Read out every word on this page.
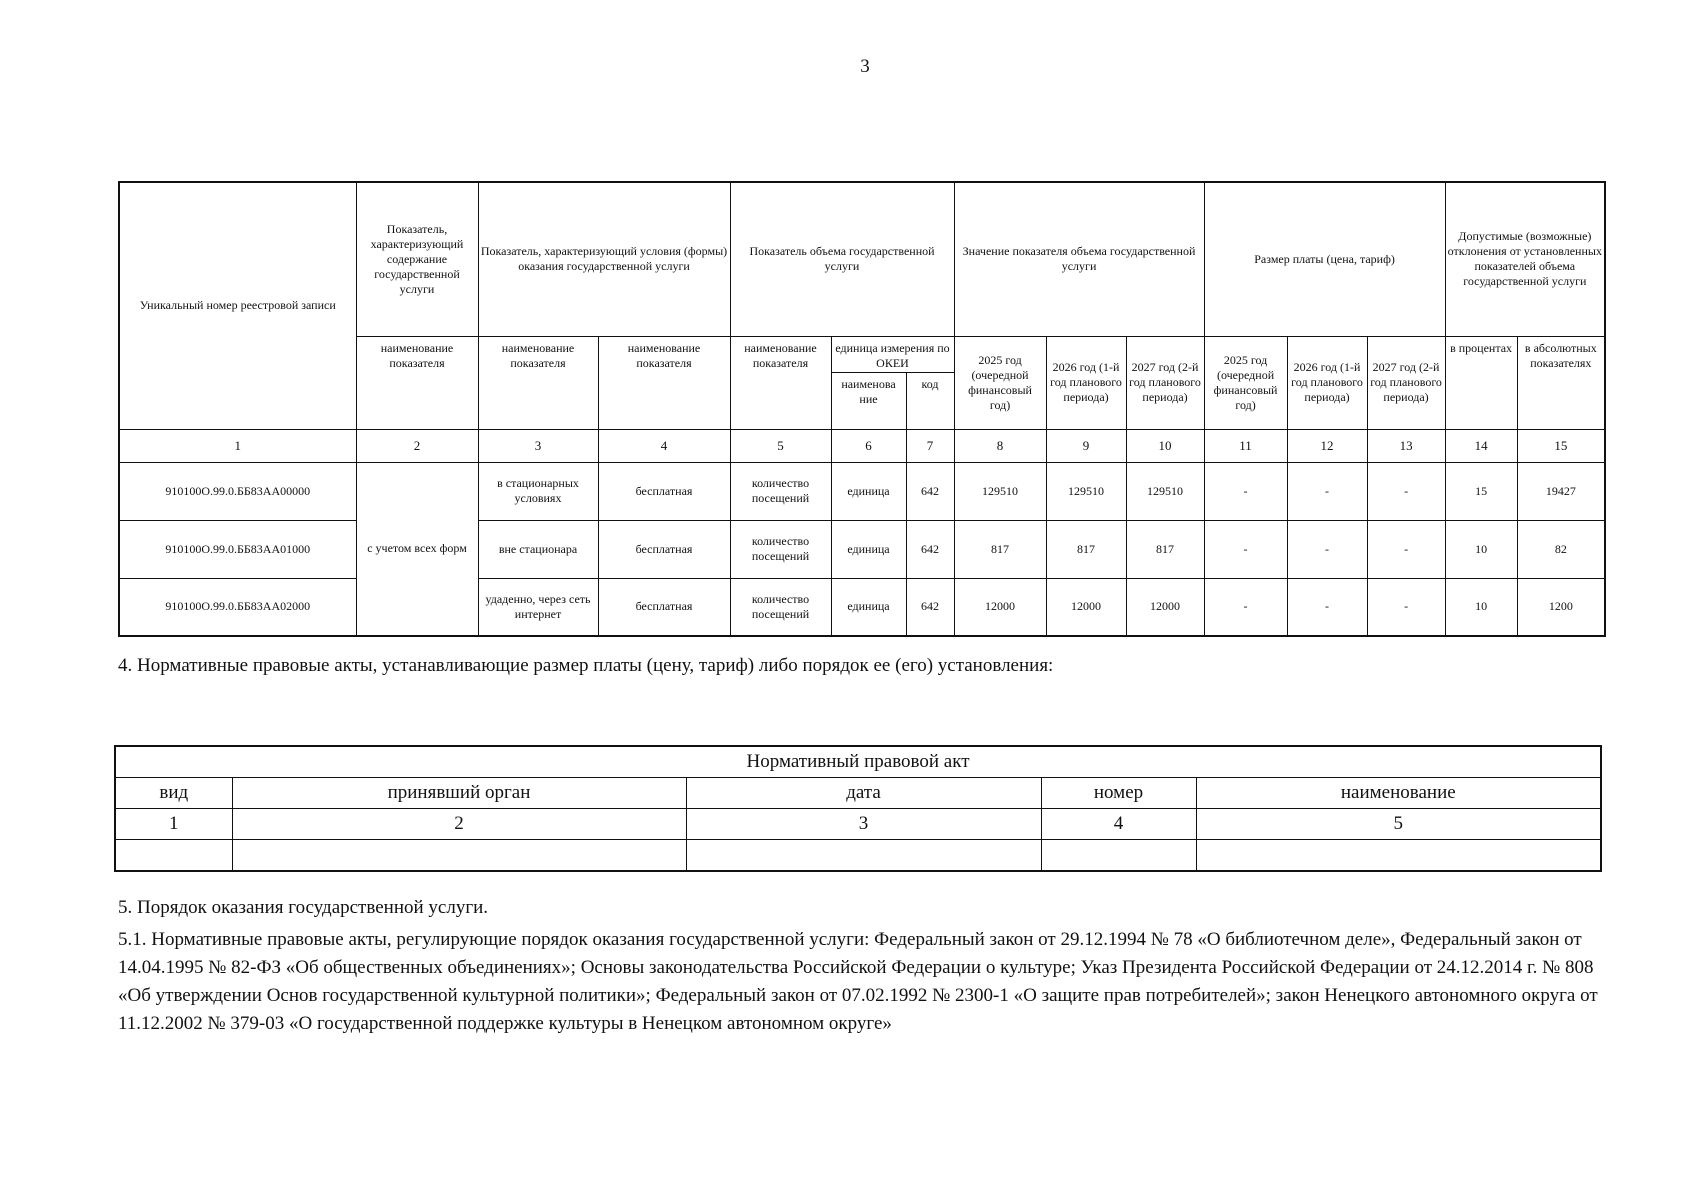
3
Уникальный номер реестровой записи	Показатель, характеризующий содержание государственной услуги	Показатель, характеризующий условия (формы) оказания государственной услуги		Показатель объема государственной услуги			Значение показателя объема государственной услуги			Размер платы (цена, тариф)			Допустимые (возможные) отклонения от установленных показателей объема государственной услуги	
	наименование показателя	наименование показателя	наименование показателя	наименование показателя	единица измерения по ОКЕИ		2025 год (очередной финансовый год)	2026 год (1-й год планового периода)	2027 год (2-й год планового периода)	2025 год (очередной финансовый год)	2026 год (1-й год планового периода)	2027 год (2-й год планового периода)	в процентах	в абсолютных показателях
					наименова ние	код								
1	2	3	4	5	6	7	8	9	10	11	12	13	14	15
910100О.99.0.ББ83АА00000	с учетом всех форм	в стационарных условиях	бесплатная	количество посещений	единица	642	129510	129510	129510	-	-	-	15	19427
910100О.99.0.ББ83АА01000		вне стационара	бесплатная	количество посещений	единица	642	817	817	817	-	-	-	10	82
910100О.99.0.ББ83АА02000		удаденно, через сеть интернет	бесплатная	количество посещений	единица	642	12000	12000	12000	-	-	-	10	1200
4. Нормативные правовые акты, устанавливающие размер платы (цену, тариф) либо порядок ее (его) установления:
Нормативный правовой акт				
вид	принявший орган	дата	номер	наименование
1	2	3	4	5

5. Порядок оказания государственной услуги.
5.1. Нормативные правовые акты, регулирующие порядок оказания государственной услуги: Федеральный закон от 29.12.1994 № 78 «О библиотечном деле», Федеральный закон от 14.04.1995 № 82-ФЗ «Об общественных объединениях»; Основы законодательства Российской Федерации о культуре; Указ Президента Российской Федерации от 24.12.2014 г. № 808 «Об утверждении Основ государственной культурной политики»; Федеральный закон от 07.02.1992 № 2300-1 «О защите прав потребителей»; закон Ненецкого автономного округа от 11.12.2002 № 379-03 «О государственной поддержке культуры в Ненецком автономном округе»
